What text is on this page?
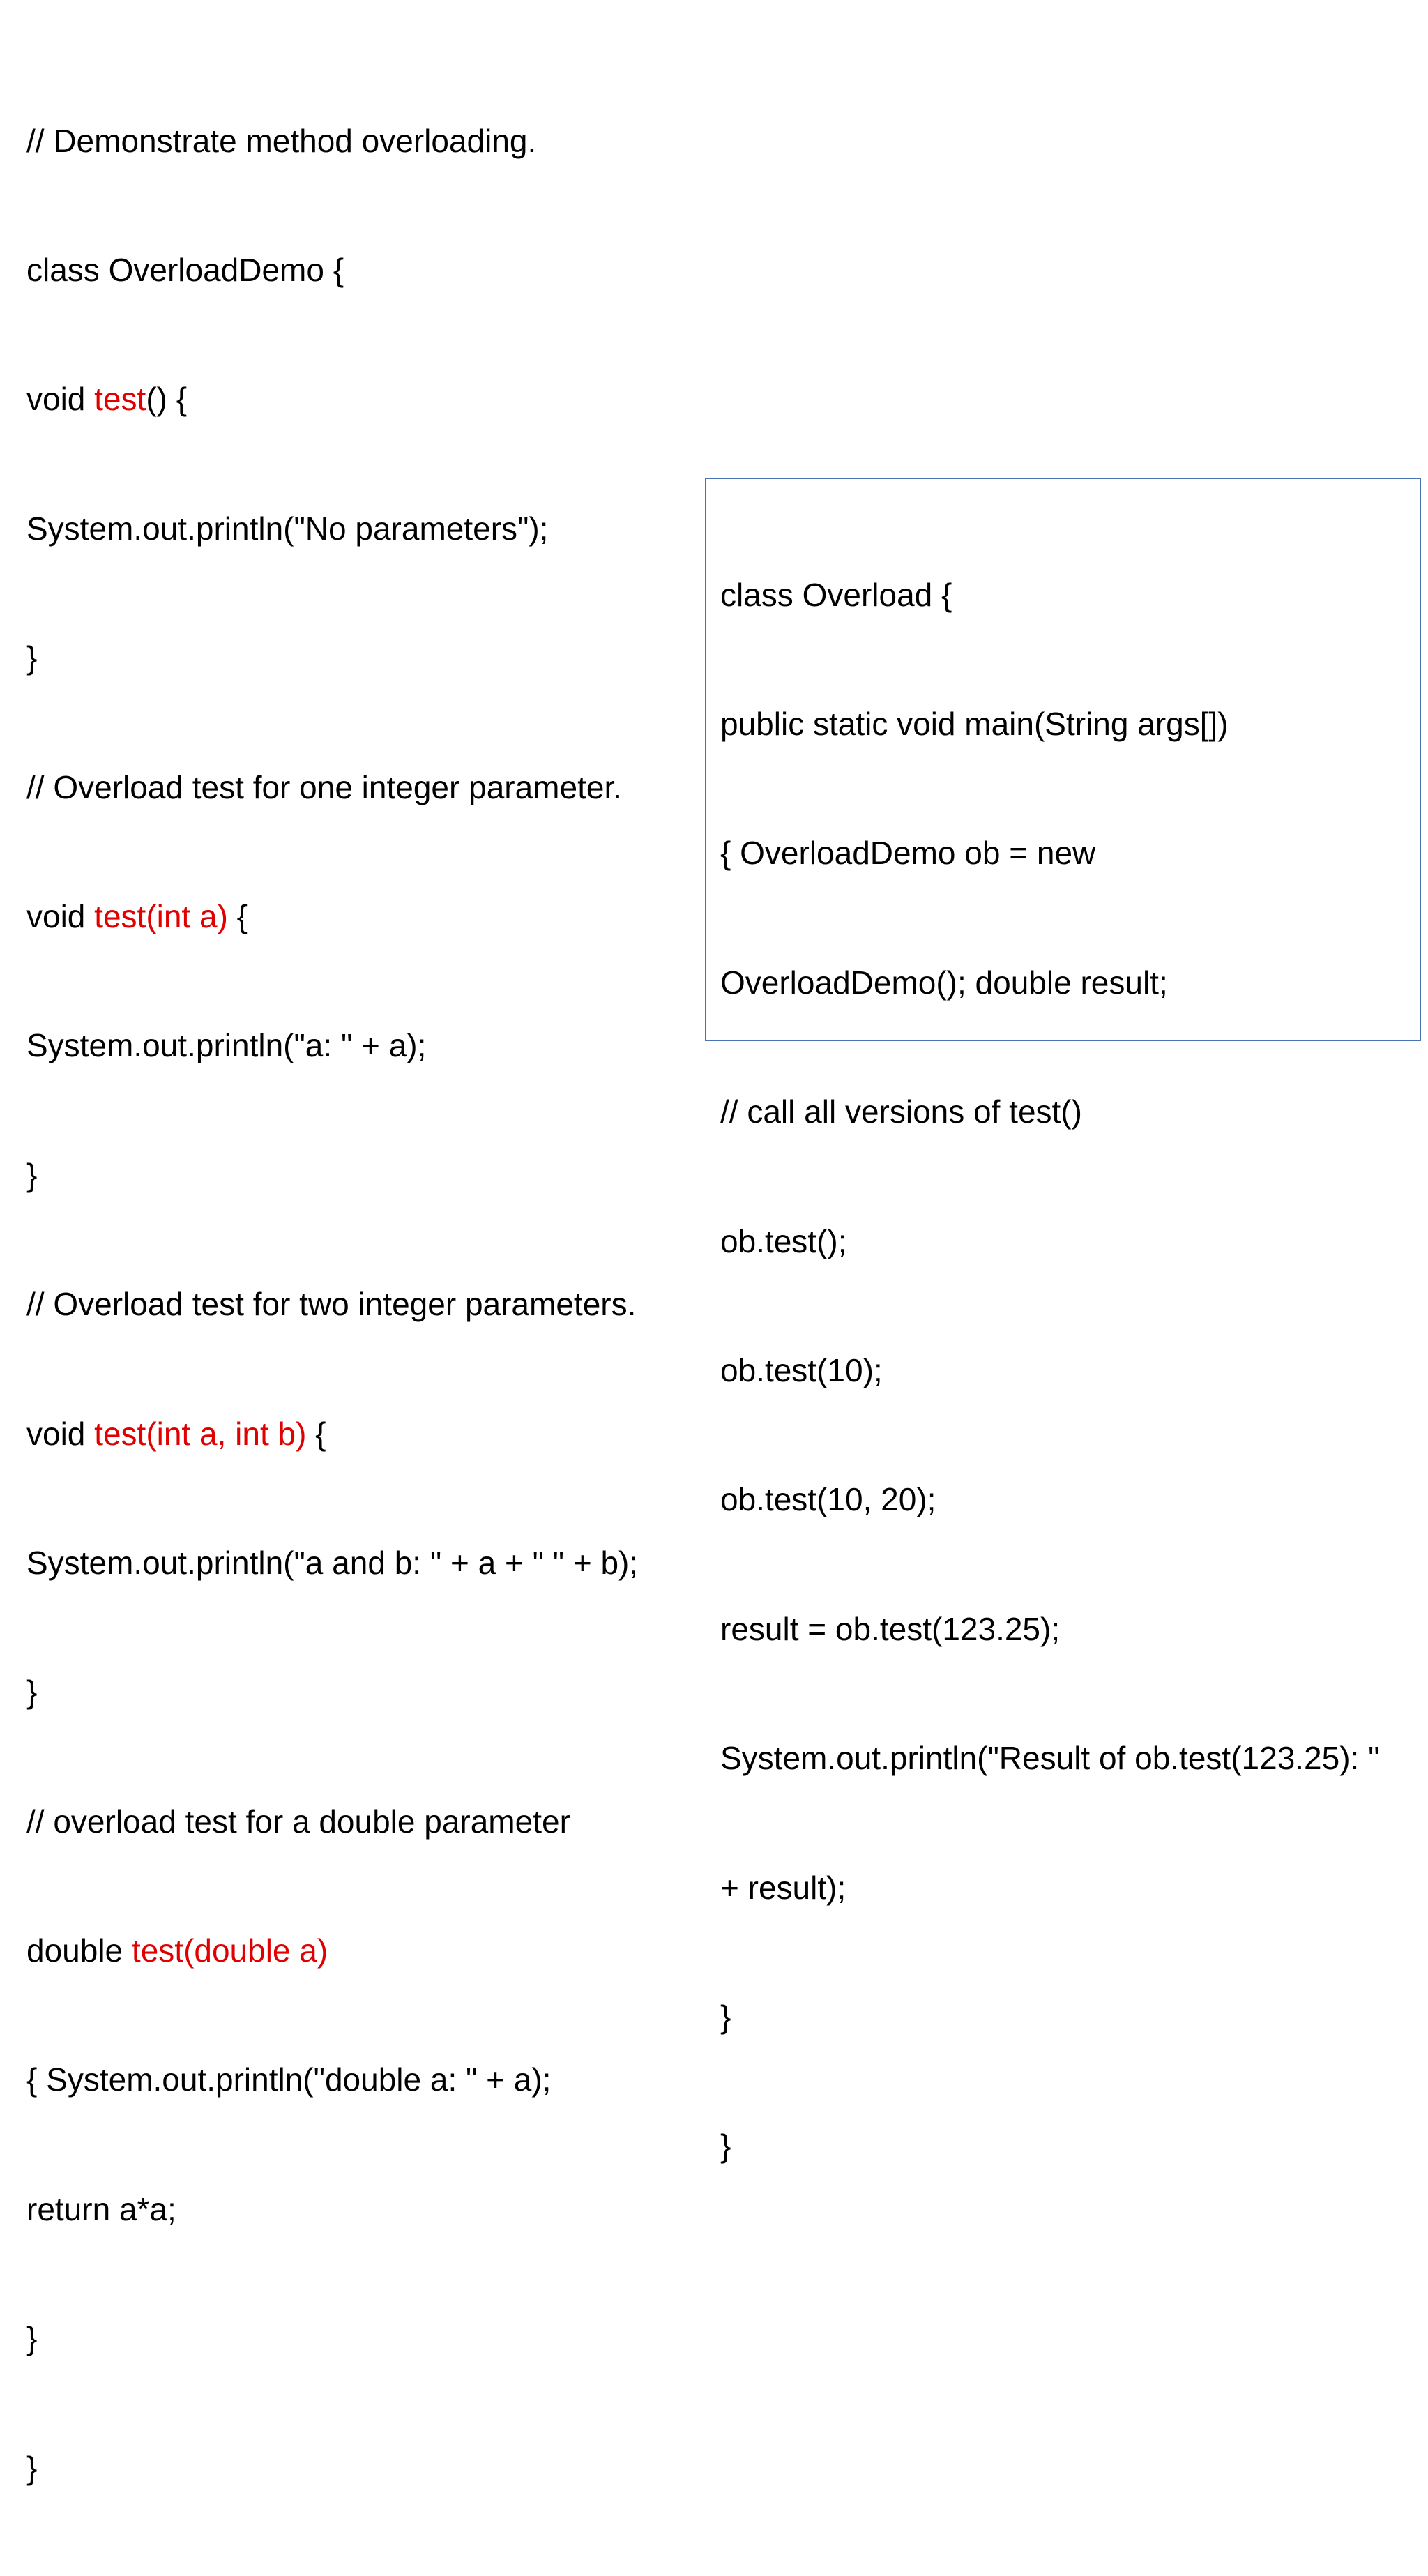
// Demonstrate method overloading.

class OverloadDemo {

void test() {

System.out.println("No parameters");

}

// Overload test for one integer parameter.

void test(int a) {

System.out.println("a: " + a);

}

// Overload test for two integer parameters.

void test(int a, int b) {

System.out.println("a and b: " + a + " " + b);

}

// overload test for a double parameter

double test(double a)

{ System.out.println("double a: " + a);

return a*a;

}

}

class Overload {

public static void main(String args[])

{ OverloadDemo ob = new

OverloadDemo(); double result;

// call all versions of test()

ob.test();

ob.test(10);

ob.test(10, 20);

result = ob.test(123.25);

System.out.println("Result of ob.test(123.25): "

+ result);

}

}
